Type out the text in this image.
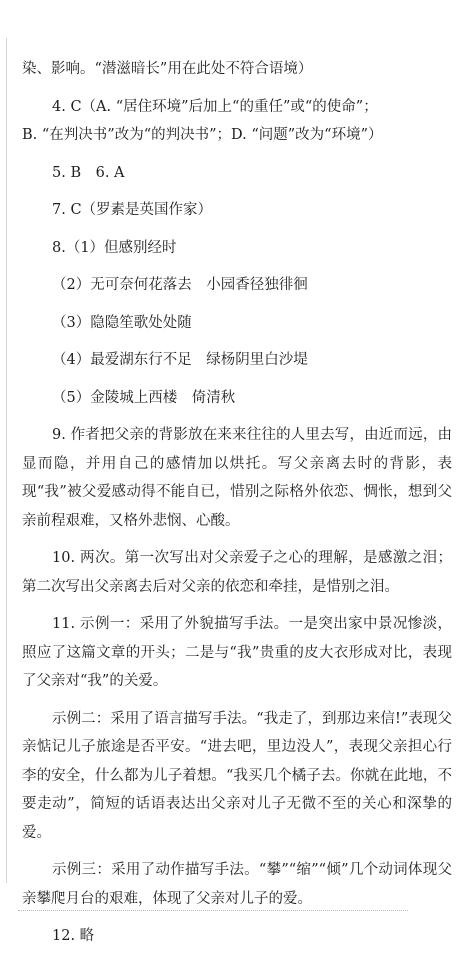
染、影响。“潜滋暗长”用在此处不符合语境）

4. C（A. “居住环境”后加上“的重任”或“的使命”；

B. “在判决书”改为“的判决书”；D. “问题”改为“环境”）

5. B　6. A

7. C（罗素是英国作家）

8.（1）但感别经时

（2）无可奈何花落去　小园香径独徘徊

（3）隐隐笙歌处处随

（4）最爱湖东行不足　绿杨阴里白沙堤

（5）金陵城上西楼　倚清秋

9. 作者把父亲的背影放在来来往往的人里去写，由近而远，由显而隐，并用自己的感情加以烘托。写父亲离去时的背影，表现“我”被父爱感动得不能自已，惜别之际格外依恋、惆怅，想到父亲前程艰难，又格外悲悯、心酸。

10. 两次。第一次写出对父亲爱子之心的理解，是感激之泪；第二次写出父亲离去后对父亲的依恋和牵挂，是惜别之泪。

11. 示例一：采用了外貌描写手法。一是突出家中景况惨淡，照应了这篇文章的开头；二是与“我”贵重的皮大衣形成对比，表现了父亲对“我”的关爱。

示例二：采用了语言描写手法。“我走了，到那边来信!”表现父亲惦记儿子旅途是否平安。“进去吧，里边没人”，表现父亲担心行李的安全，什么都为儿子着想。“我买几个橘子去。你就在此地，不要走动”，简短的话语表达出父亲对儿子无微不至的关心和深挚的爱。

示例三：采用了动作描写手法。“攀”“缩”“倾”几个动词体现父亲攀爬月台的艰难，体现了父亲对儿子的爱。

12. 略
